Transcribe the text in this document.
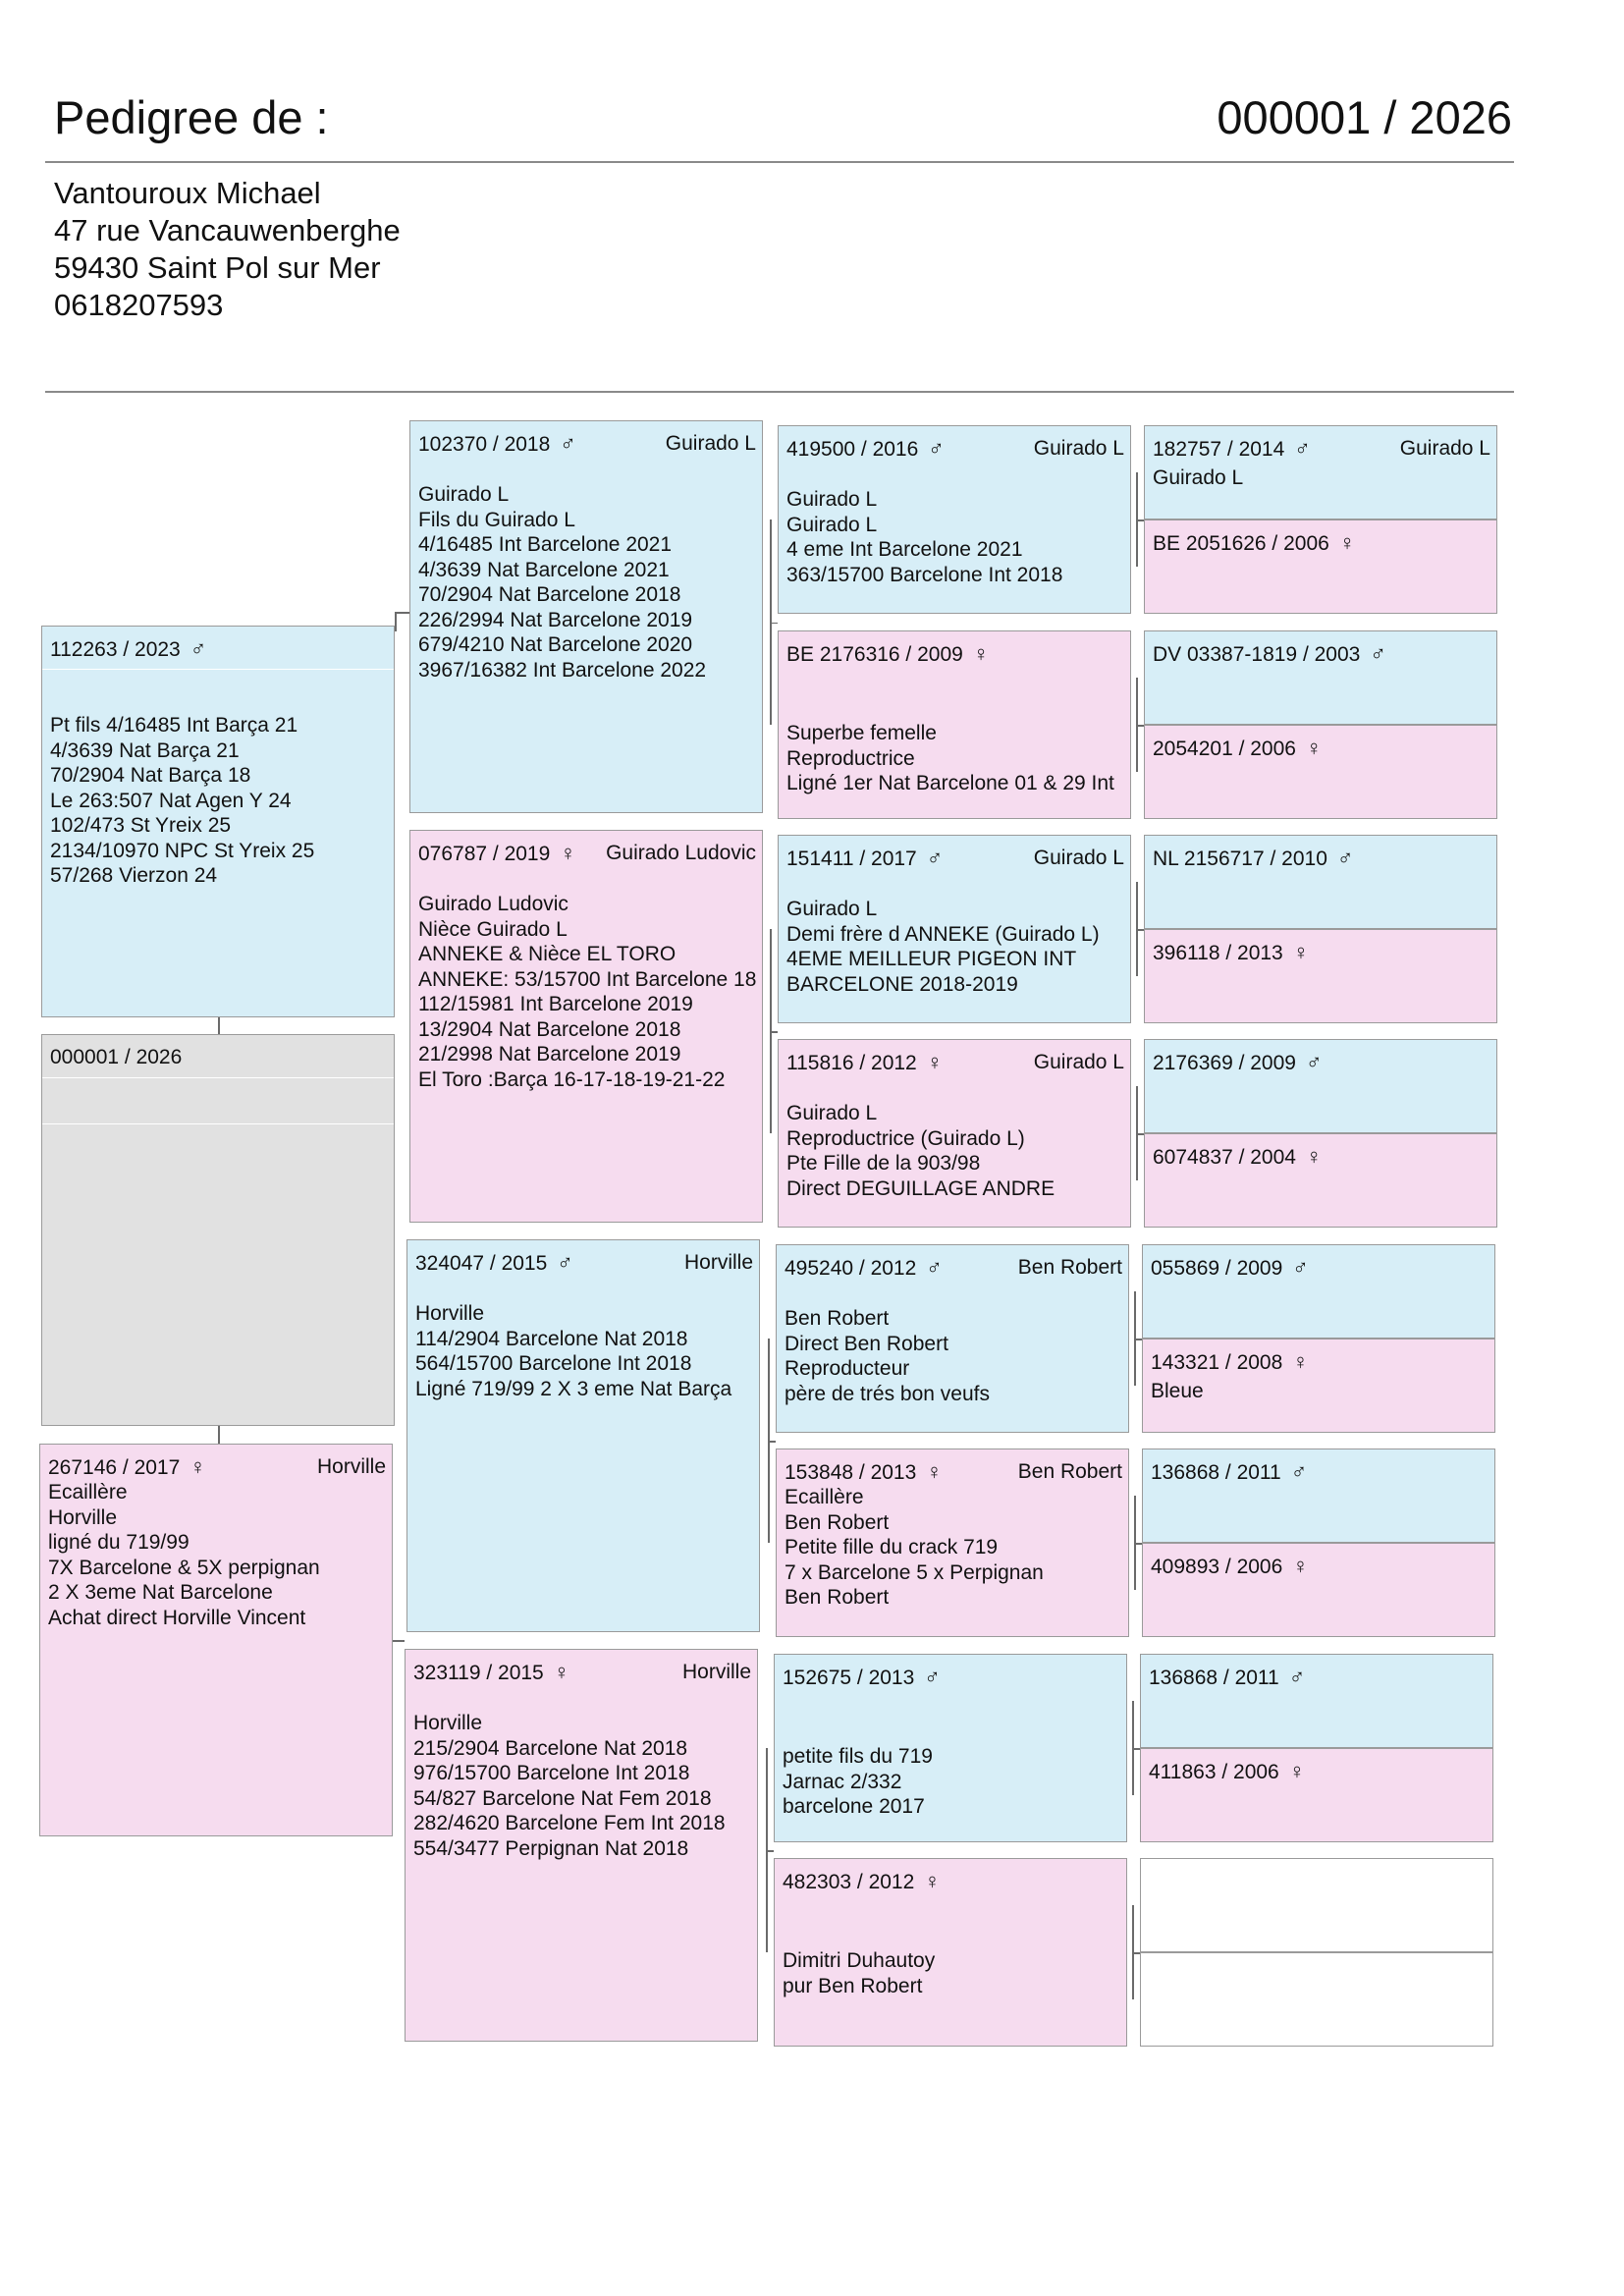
Pedigree de :	000001 / 2026
Vantouroux Michael
47 rue Vancauwenberghe
59430 Saint Pol sur Mer
0618207593
112263 / 2023 ♂
Pt fils 4/16485 Int Barça 21
4/3639 Nat Barça 21
70/2904 Nat Barça 18
Le 263:507 Nat Agen Y 24
102/473 St Yreix 25
2134/10970 NPC St Yreix 25
57/268 Vierzon 24
000001 / 2026
267146 / 2017 ♀	Horville
Ecaillère
Horville
ligné du 719/99
7X Barcelone & 5X perpignan
2 X 3eme Nat Barcelone
Achat direct Horville Vincent
102370 / 2018 ♂	Guirado L
Guirado L
Fils du Guirado L
4/16485 Int Barcelone 2021
4/3639 Nat Barcelone 2021
70/2904 Nat Barcelone 2018
226/2994 Nat Barcelone 2019
679/4210 Nat Barcelone 2020
3967/16382 Int Barcelone 2022
076787 / 2019 ♀ Guirado Ludovic
Guirado Ludovic
Nièce Guirado L
ANNEKE & Nièce EL TORO
ANNEKE: 53/15700 Int Barcelone 18
112/15981 Int Barcelone 2019
13/2904 Nat Barcelone 2018
21/2998 Nat Barcelone 2019
El Toro :Barça 16-17-18-19-21-22
324047 / 2015 ♂	Horville
Horville
114/2904 Barcelone Nat 2018
564/15700 Barcelone Int 2018
Ligné 719/99 2 X 3 eme Nat Barça
323119 / 2015 ♀	Horville
Horville
215/2904 Barcelone Nat 2018
976/15700 Barcelone Int 2018
54/827 Barcelone Nat Fem 2018
282/4620 Barcelone Fem Int 2018
554/3477 Perpignan Nat 2018
419500 / 2016 ♂	Guirado L
Guirado L
Guirado L
4 eme Int Barcelone 2021
363/15700 Barcelone Int 2018
BE 2176316 / 2009 ♀
Superbe femelle
Reproductrice
Ligné 1er Nat Barcelone 01 & 29 Int
151411 / 2017 ♂	Guirado L
Guirado L
Demi frère d ANNEKE (Guirado L)
4EME MEILLEUR PIGEON INT
BARCELONE 2018-2019
115816 / 2012 ♀	Guirado L
Guirado L
Reproductrice (Guirado L)
Pte Fille de la 903/98
Direct DEGUILLAGE ANDRE
495240 / 2012 ♂	Ben Robert
Ben Robert
Direct Ben Robert
Reproducteur
père de trés bon veufs
153848 / 2013 ♀	Ben Robert
Ecaillère
Ben Robert
Petite fille du crack 719
7 x Barcelone 5 x Perpignan
Ben Robert
152675 / 2013 ♂
petite fils du 719
Jarnac 2/332
barcelone 2017
482303 / 2012 ♀
Dimitri Duhautoy
pur Ben Robert
182757 / 2014 ♂	Guirado L
Guirado L
BE 2051626 / 2006 ♀
DV 03387-1819 / 2003 ♂
2054201 / 2006 ♀
NL 2156717 / 2010 ♂
396118 / 2013 ♀
2176369 / 2009 ♂
6074837 / 2004 ♀
055869 / 2009 ♂
143321 / 2008 ♀
Bleue
136868 / 2011 ♂
409893 / 2006 ♀
136868 / 2011 ♂
411863 / 2006 ♀
